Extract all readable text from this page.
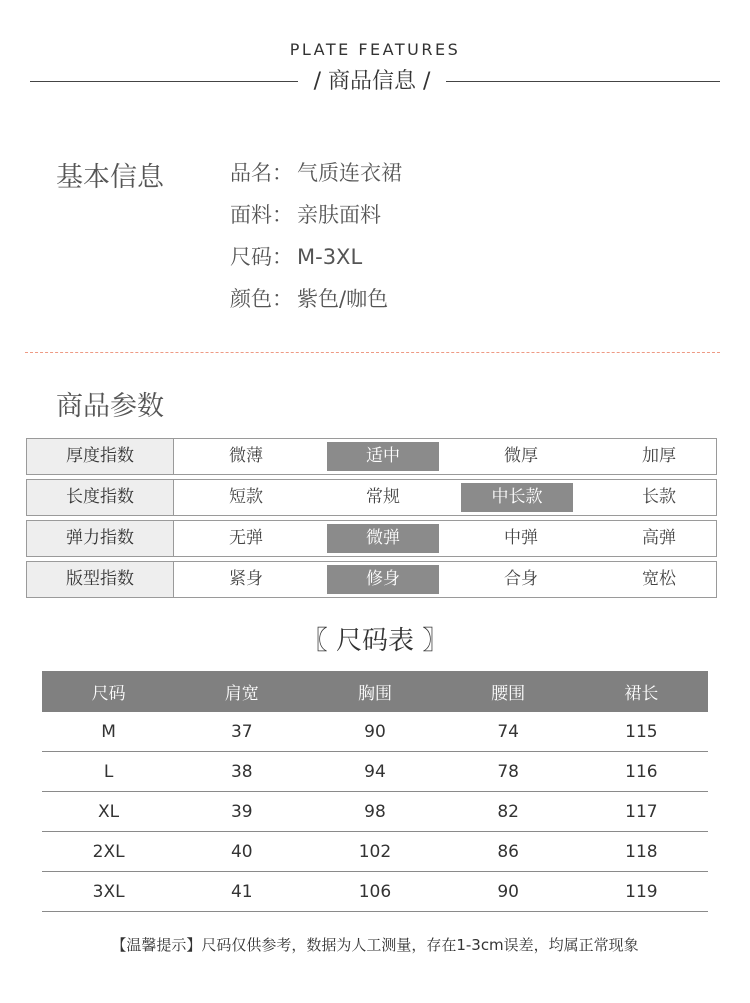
PLATE FEATURES
/ 商品信息 /
基本信息	品名： 气质连衣裙
面料： 亲肤面料
尺码： M-3XL
颜色： 紫色/咖色
商品参数
厚度指数	微薄	适中	微厚	加厚
长度指数	短款	常规	中长款	长款
弹力指数	无弹	微弹	中弹	高弹
版型指数	紧身	修身	合身	宽松
〖 尺码表 〗
尺码	肩宽	胸围	腰围	裙长
M	37	90	74	115
L	38	94	78	116
XL	39	98	82	117
2XL	40	102	86	118
3XL	41	106	90	119
【温馨提示】尺码仅供参考，数据为人工测量，存在1-3cm误差，均属正常现象
